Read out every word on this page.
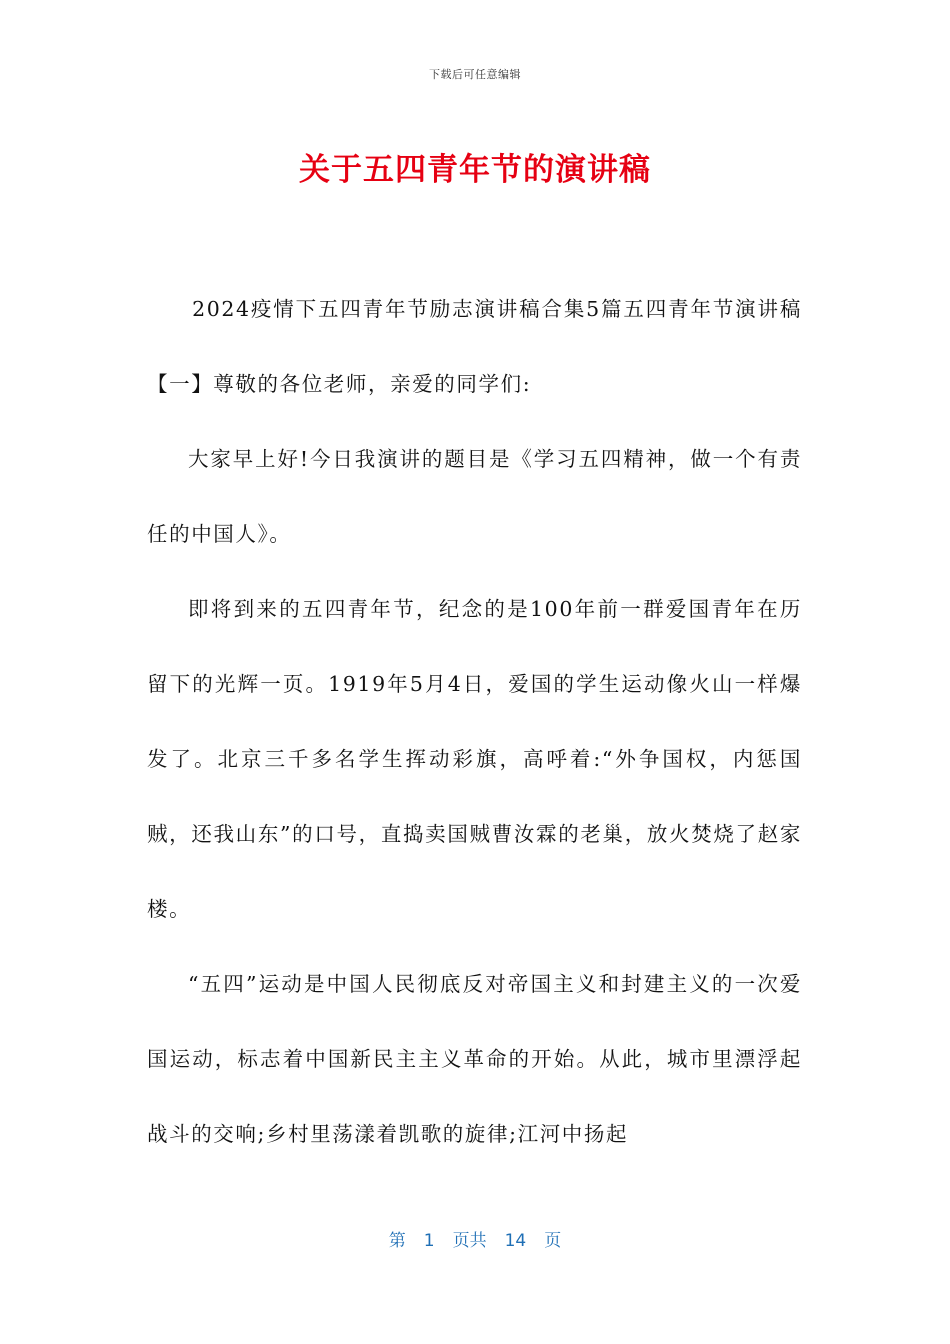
下载后可任意编辑
关于五四青年节的演讲稿

2024疫情下五四青年节励志演讲稿合集5篇五四青年节演讲稿【一】尊敬的各位老师，亲爱的同学们:

大家早上好!今日我演讲的题目是《学习五四精神，做一个有责任的中国人》。

即将到来的五四青年节，纪念的是100年前一群爱国青年在历留下的光辉一页。1919年5月4日，爱国的学生运动像火山一样爆发了。北京三千多名学生挥动彩旗，高呼着:“外争国权，内惩国贼，还我山东”的口号，直捣卖国贼曹汝霖的老巢，放火焚烧了赵家楼。

“五四”运动是中国人民彻底反对帝国主义和封建主义的一次爱国运动，标志着中国新民主主义革命的开始。从此，城市里漂浮起战斗的交响;乡村里荡漾着凯歌的旋律;江河中扬起

第 1 页共 14 页
